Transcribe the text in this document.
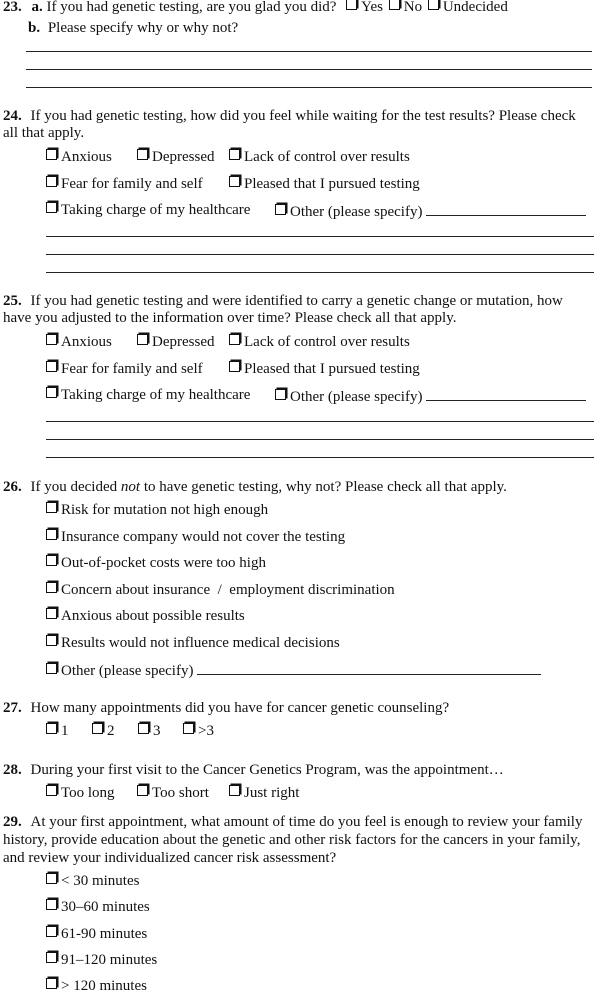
23. a. If you had genetic testing, are you glad you did? Yes No Undecided
b. Please specify why or why not?
24. If you had genetic testing, how did you feel while waiting for the test results? Please check
all that apply.
Anxious	Depressed	Lack of control over results
Fear for family and self	Pleased that I pursued testing
Taking charge of my healthcare	Other (please specify)
25. If you had genetic testing and were identified to carry a genetic change or mutation, how
have you adjusted to the information over time? Please check all that apply.
Anxious	Depressed	Lack of control over results
Fear for family and self	Pleased that I pursued testing
Taking charge of my healthcare	Other (please specify)
26. If you decided not to have genetic testing, why not? Please check all that apply.
Risk for mutation not high enough
Insurance company would not cover the testing
Out-of-pocket costs were too high
Concern about insurance  /  employment discrimination
Anxious about possible results
Results would not influence medical decisions
Other (please specify)
27. How many appointments did you have for cancer genetic counseling?
1	2	3	>3
28. During your first visit to the Cancer Genetics Program, was the appointment…
Too long	Too short	Just right
29. At your first appointment, what amount of time do you feel is enough to review your family
history, provide education about the genetic and other risk factors for the cancers in your family,
and review your individualized cancer risk assessment?
< 30 minutes
30–60 minutes
61-90 minutes
91–120 minutes
> 120 minutes
